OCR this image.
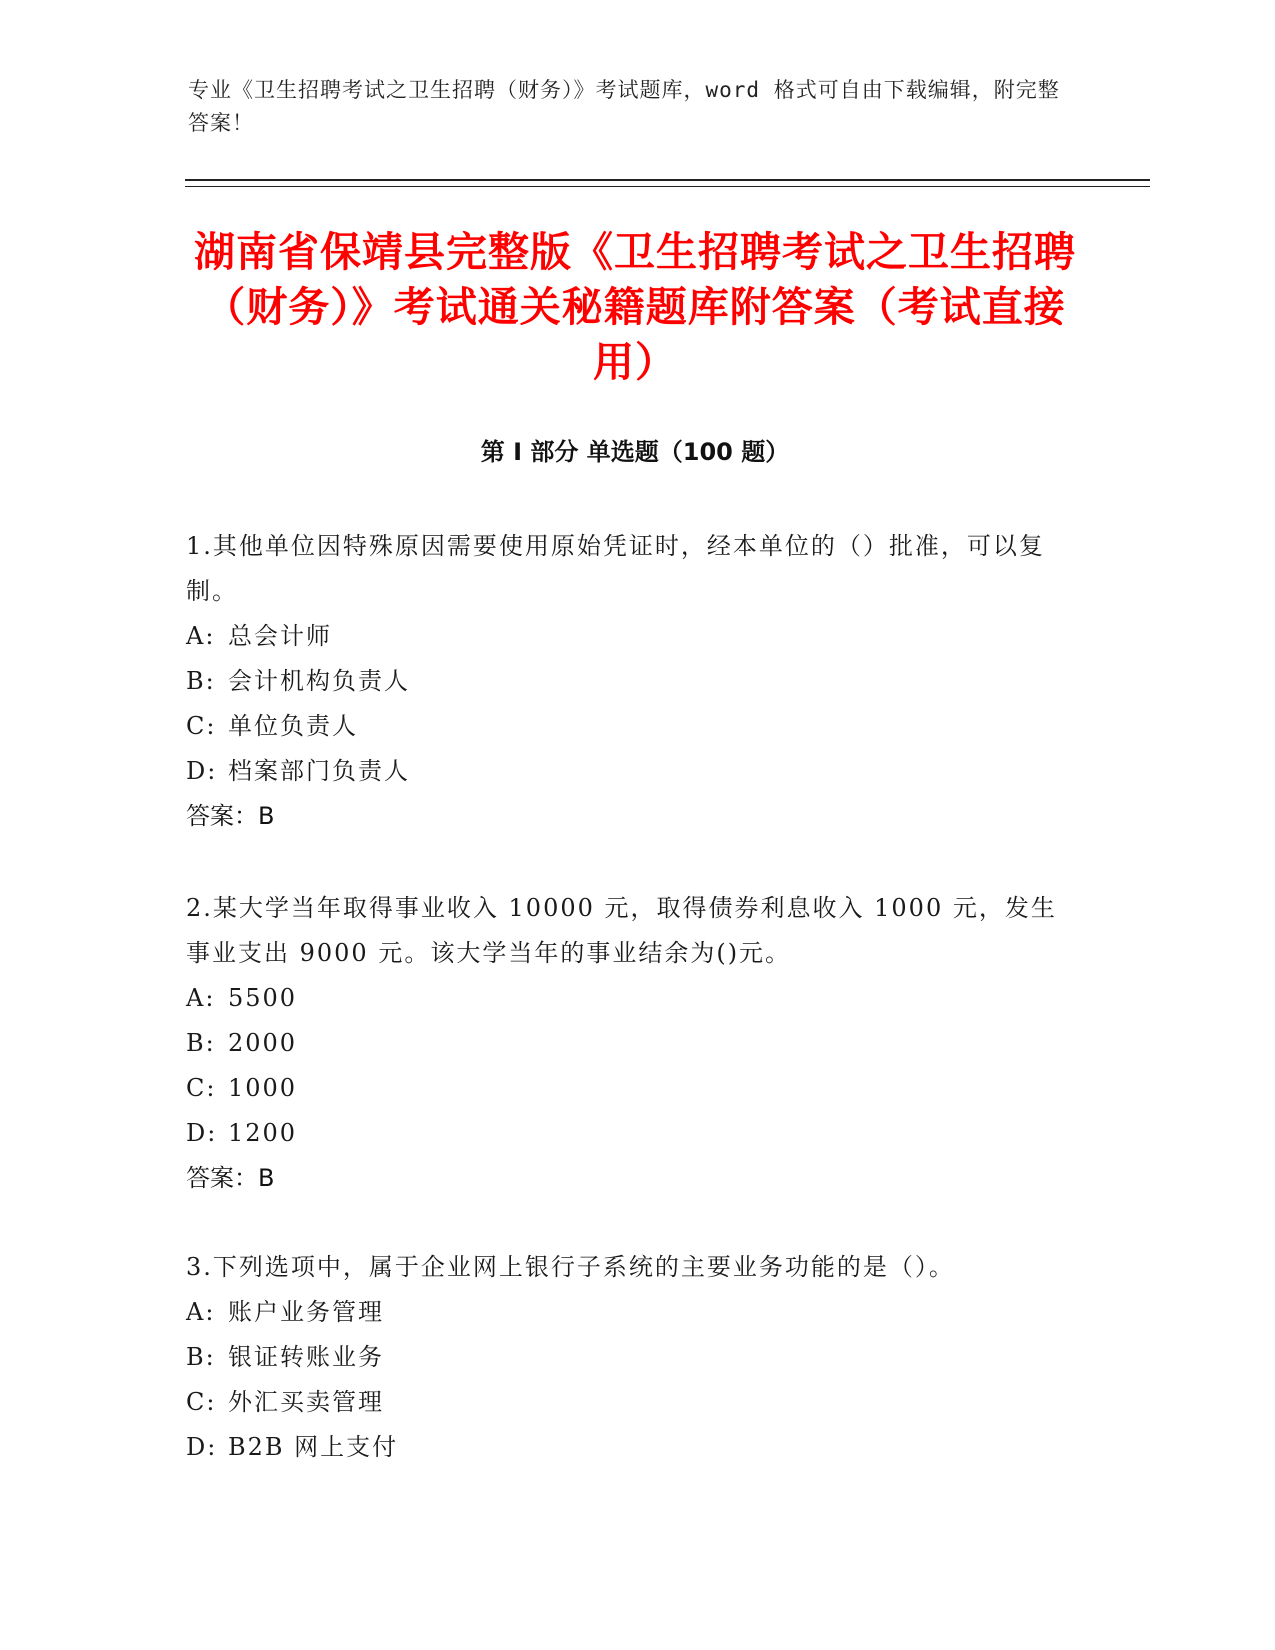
专业《卫生招聘考试之卫生招聘（财务）》考试题库，word 格式可自由下载编辑，附完整答案！
湖南省保靖县完整版《卫生招聘考试之卫生招聘（财务）》考试通关秘籍题库附答案（考试直接用）
第 I 部分 单选题（100 题）

1.其他单位因特殊原因需要使用原始凭证时，经本单位的（）批准，可以复制。

A: 总会计师

B: 会计机构负责人

C: 单位负责人

D: 档案部门负责人

答案：B

2.某大学当年取得事业收入 10000 元，取得债券利息收入 1000 元，发生事业支出 9000 元。该大学当年的事业结余为()元。

A: 5500

B: 2000

C: 1000

D: 1200

答案：B

3.下列选项中，属于企业网上银行子系统的主要业务功能的是（）。

A: 账户业务管理

B: 银证转账业务

C: 外汇买卖管理

D: B2B 网上支付
